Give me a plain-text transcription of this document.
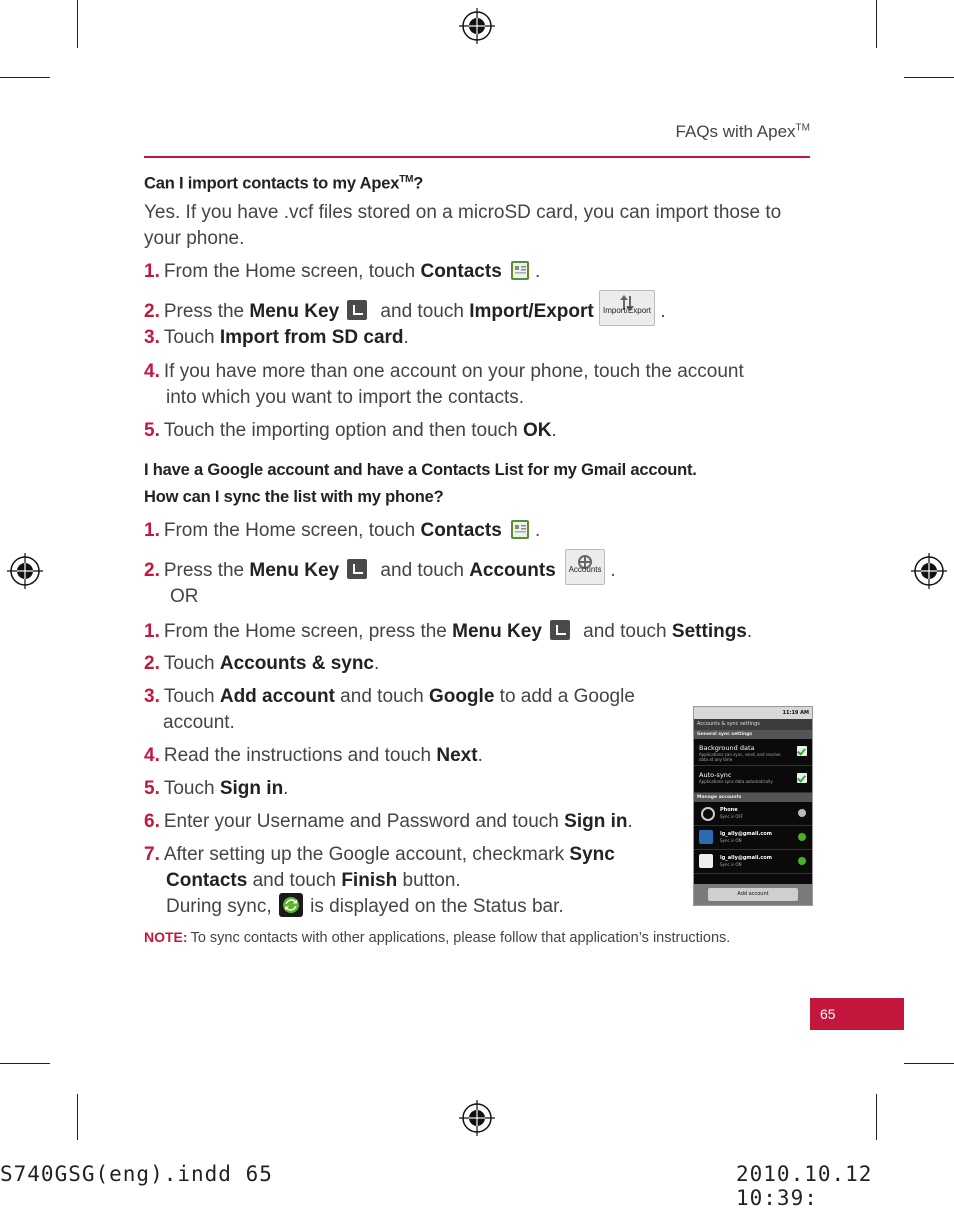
FAQs with Apex™
Can I import contacts to my Apex™?
Yes. If you have .vcf files stored on a microSD card, you can import those to your phone.
1. From the Home screen, touch Contacts .
2. Press the Menu Key and touch Import/Export	Import/Export .
3. Touch Import from SD card.
4. If you have more than one account on your phone, touch the account
into which you want to import the contacts.
5. Touch the importing option and then touch OK.
I have a Google account and have a Contacts List for my Gmail account.
How can I sync the list with my phone?
1. From the Home screen, touch Contacts .
2. Press the Menu Key and touch Accounts	Accounts .
OR
1. From the Home screen, press the Menu Key and touch Settings.
2. Touch Accounts & sync.
3. Touch Add account and touch Google to add a Google
account.
4. Read the instructions and touch Next.
5. Touch Sign in.
6. Enter your Username and Password and touch Sign in.
7. After setting up the Google account, checkmark Sync
Contacts and touch Finish button.
During sync,  is displayed on the Status bar.
11:19 AM
Accounts & sync settings
General sync settings
Background data
Applications can sync, send, and receive data at any time
Auto-sync
Applications sync data automatically
Manage accounts
Phone
Sync is OFF
lg_ally@gmail.com
Sync is ON
lg_ally@gmail.com
Sync is ON
Add account
NOTE: To sync contacts with other applications, please follow that application’s instructions.
65
S740GSG(eng).indd 65	2010.10.12 10:39:
